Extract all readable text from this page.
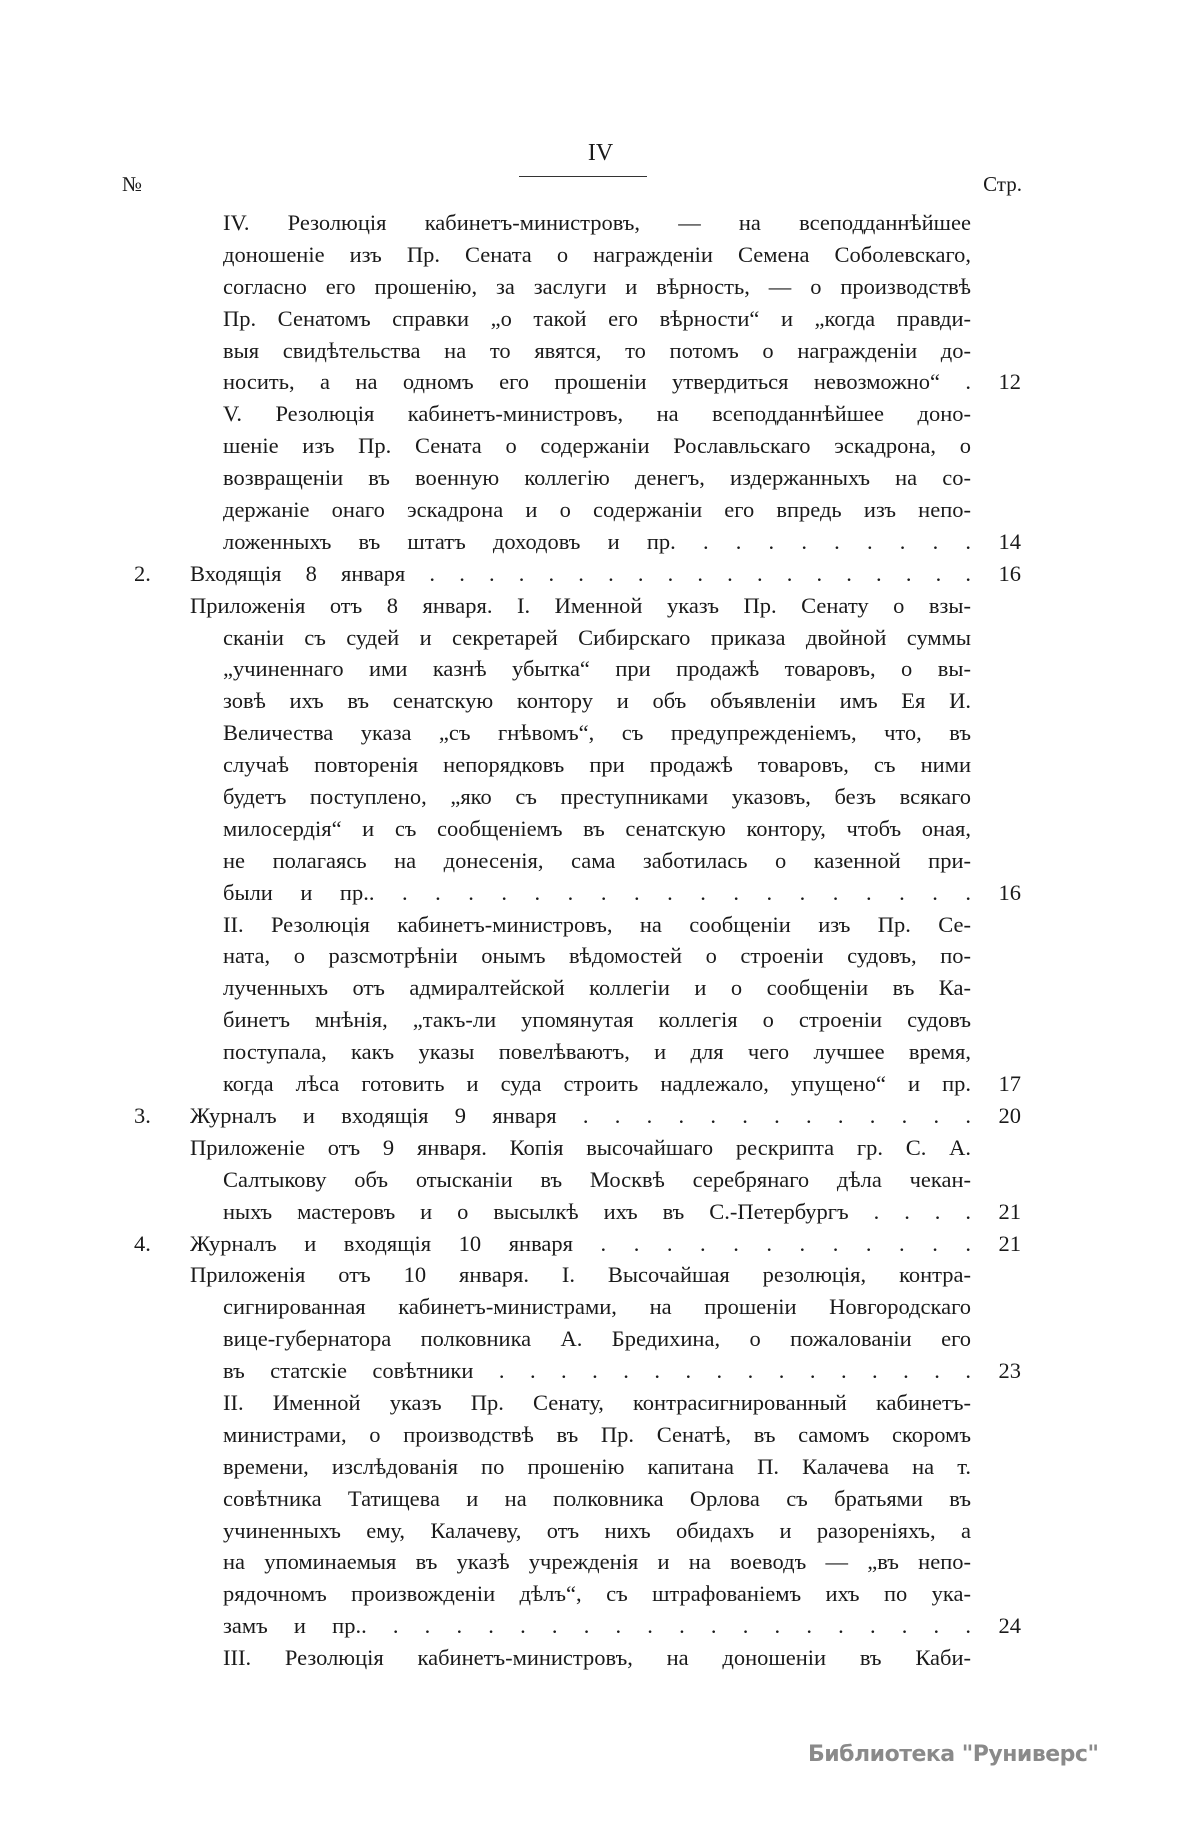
IV
№	Стр.
IV. Резолюція кабинетъ-министровъ, — на всеподданнѣйшее
доношеніе изъ Пр. Сената о награжденіи Семена Соболевскаго,
согласно его прошенію, за заслуги и вѣрность, — о производствѣ
Пр. Сенатомъ справки „о такой его вѣрности“ и „когда правди-
выя свидѣтельства на то явятся, то потомъ о награжденіи до-
носить, а на одномъ его прошеніи утвердиться невозможно“ .	12
V. Резолюція кабинетъ-министровъ, на всеподданнѣйшее доно-
шеніе изъ Пр. Сената о содержаніи Рославльскаго эскадрона, о
возвращеніи въ военную коллегію денегъ, издержанныхъ на со-
держаніе онаго эскадрона и о содержаніи его впредь изъ непо-
ложенныхъ въ штатъ доходовъ и пр. . . . . . . . . .	14
2. Входящія 8 января . . . . . . . . . . . . . . . . . . .	16
Приложенія отъ 8 января. I. Именной указъ Пр. Сенату о взы-
сканіи съ судей и секретарей Сибирскаго приказа двойной суммы
„учиненнаго ими казнѣ убытка“ при продажѣ товаровъ, о вы-
зовѣ ихъ въ сенатскую контору и объ объявленіи имъ Ея И.
Величества указа „съ гнѣвомъ“, съ предупрежденіемъ, что, въ
случаѣ повторенія непорядковъ при продажѣ товаровъ, съ ними
будетъ поступлено, „яко съ преступниками указовъ, безъ всякаго
милосердія“ и съ сообщеніемъ въ сенатскую контору, чтобъ оная,
не полагаясь на донесенія, сама заботилась о казенной при-
были и пр.. . . . . . . . . . . . . . . . . . .	16
II. Резолюція кабинетъ-министровъ, на сообщеніи изъ Пр. Се-
ната, о разсмотрѣніи онымъ вѣдомостей о строеніи судовъ, по-
лученныхъ отъ адмиралтейской коллегіи и о сообщеніи въ Ка-
бинетъ мнѣнія, „такъ-ли упомянутая коллегія о строеніи судовъ
поступала, какъ указы повелѣваютъ, и для чего лучшее время,
когда лѣса готовить и суда строить надлежало, упущено“ и пр.	17
3. Журналъ и входящія 9 января . . . . . . . . . . . . .	20
Приложеніе отъ 9 января. Копія высочайшаго рескрипта гр. С. А.
Салтыкову объ отысканіи въ Москвѣ серебрянаго дѣла чекан-
ныхъ мастеровъ и о высылкѣ ихъ въ С.-Петербургъ . . . .	21
4. Журналъ и входящія 10 января . . . . . . . . . . . .	21
Приложенія отъ 10 января. I. Высочайшая резолюція, контра-
сигнированная кабинетъ-министрами, на прошеніи Новгородскаго
вице-губернатора полковника А. Бредихина, о пожалованіи его
въ статскіе совѣтники . . . . . . . . . . . . . . . .	23
II. Именной указъ Пр. Сенату, контрасигнированный кабинетъ-
министрами, о производствѣ въ Пр. Сенатѣ, въ самомъ скоромъ
времени, изслѣдованія по прошенію капитана П. Калачева на т.
совѣтника Татищева и на полковника Орлова съ братьями въ
учиненныхъ ему, Калачеву, отъ нихъ обидахъ и разореніяхъ, а
на упоминаемыя въ указѣ учрежденія и на воеводъ — „въ непо-
рядочномъ произвожденіи дѣлъ“, съ штрафованіемъ ихъ по ука-
замъ и пр.. . . . . . . . . . . . . . . . . . . .	24
III. Резолюція кабинетъ-министровъ, на доношеніи въ Каби-
Библиотека "Руниверс"
